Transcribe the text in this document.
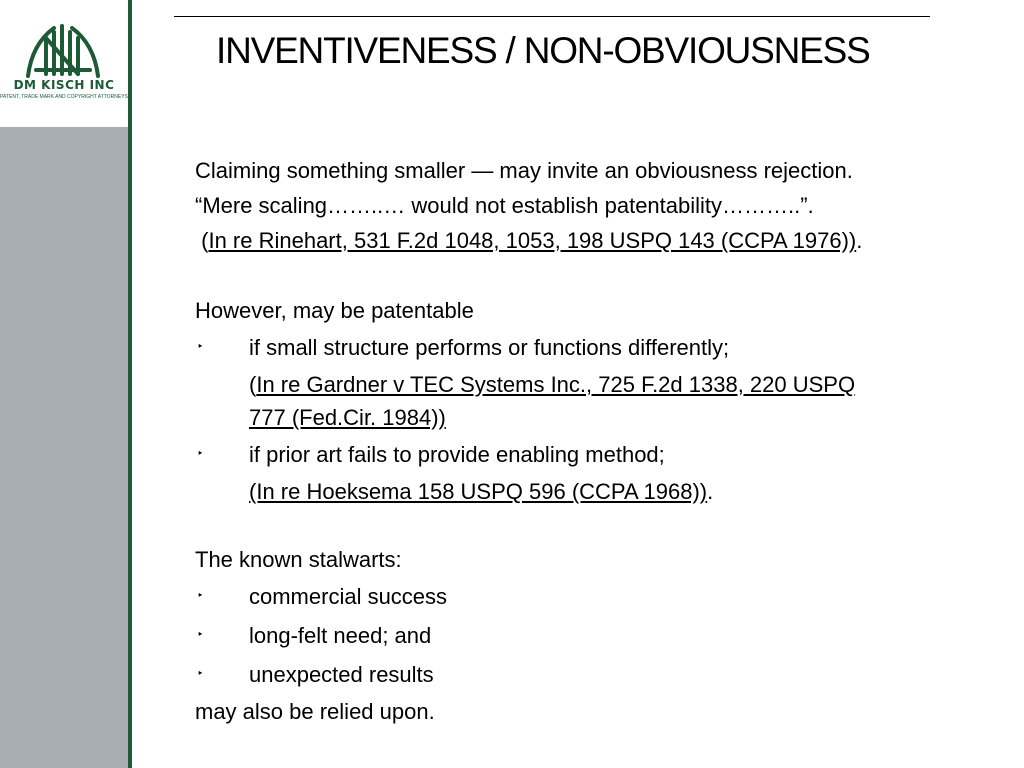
DM KISCH INC
PATENT, TRADE MARK AND COPYRIGHT ATTORNEYS
INVENTIVENESS / NON-OBVIOUSNESS
Claiming something smaller — may invite an obviousness rejection.
“Mere scaling……..… would not establish patentability………..”.
(In re Rinehart, 531 F.2d 1048, 1053, 198 USPQ 143 (CCPA 1976)).
However, may be patentable
‣ if small structure performs or functions differently;
(In re Gardner v TEC Systems Inc., 725 F.2d 1338, 220 USPQ
777 (Fed.Cir. 1984))
‣ if prior art fails to provide enabling method;
(In re Hoeksema 158 USPQ 596 (CCPA 1968)).
The known stalwarts:
‣ commercial success
‣ long-felt need; and
‣ unexpected results
may also be relied upon.
